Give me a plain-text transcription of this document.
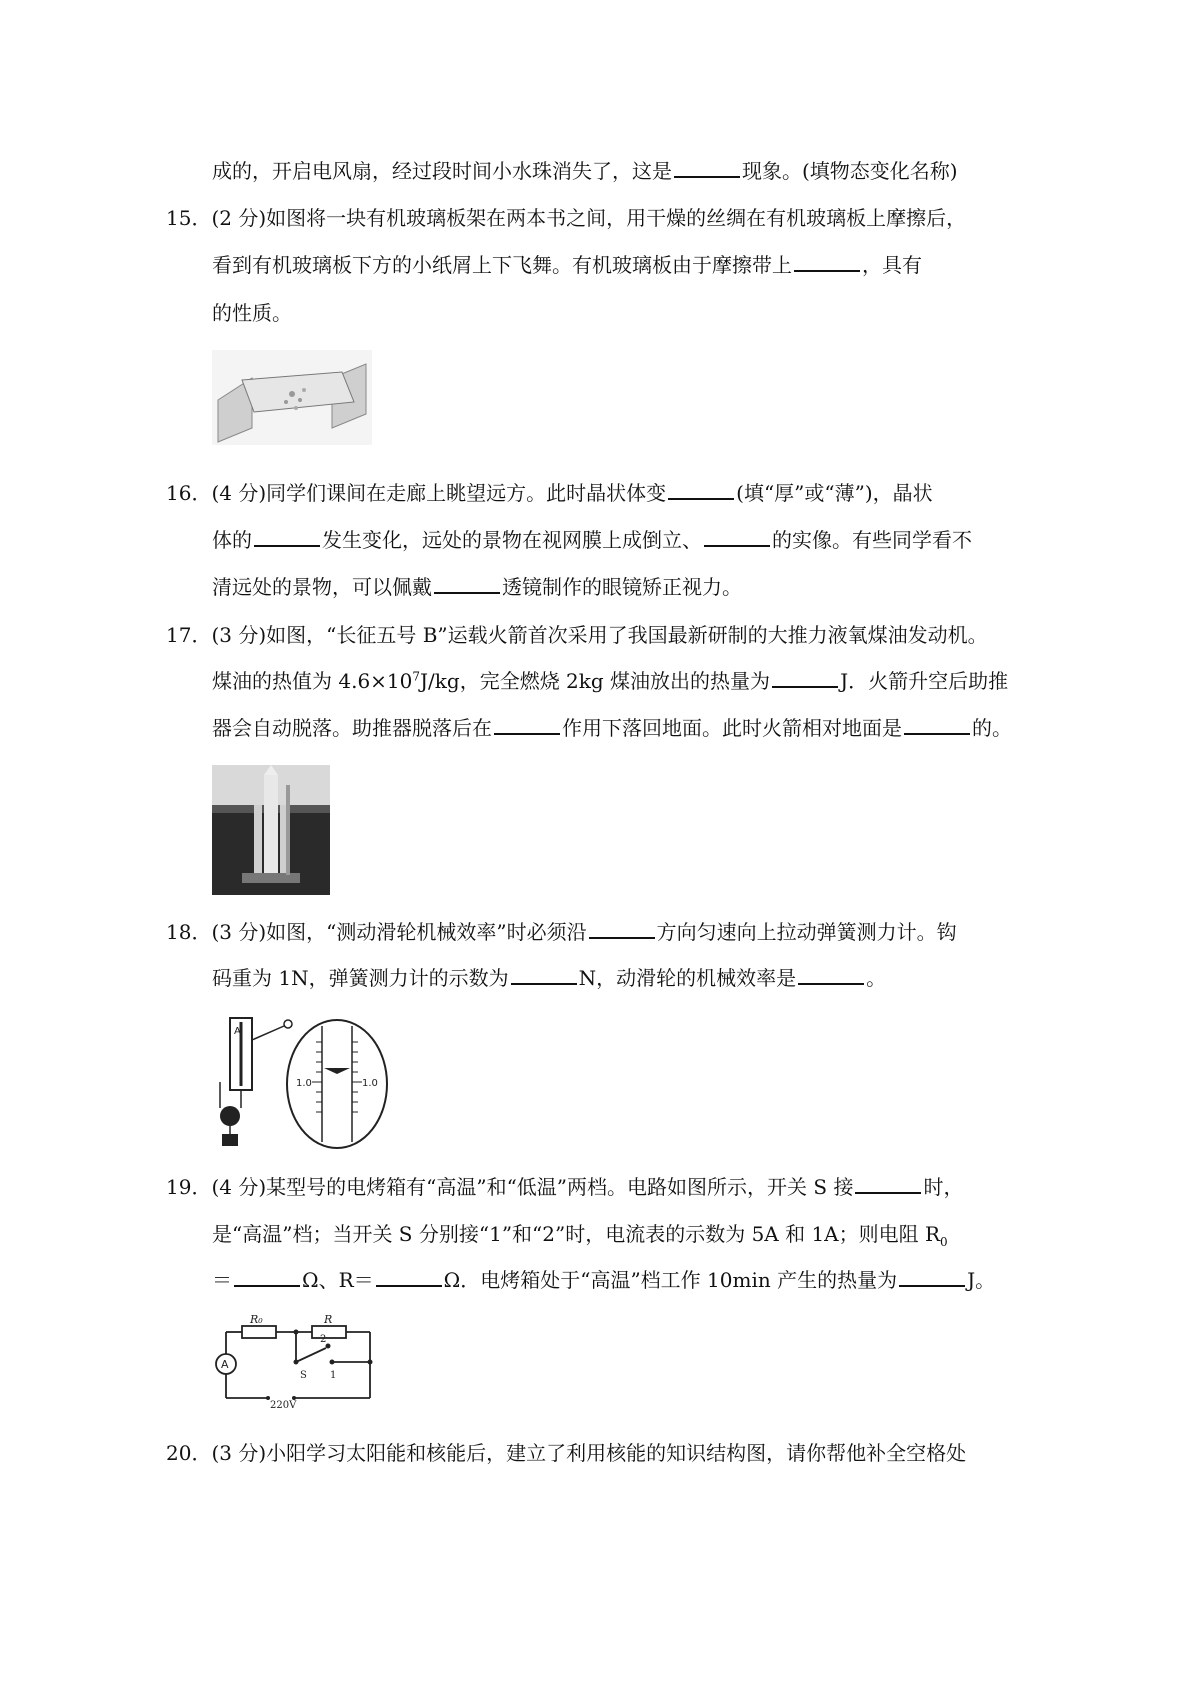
成的，开启电风扇，经过段时间小水珠消失了，这是	现象。(填物态变化名称)
15．(2 分)如图将一块有机玻璃板架在两本书之间，用干燥的丝绸在有机玻璃板上摩擦后，
看到有机玻璃板下方的小纸屑上下飞舞。有机玻璃板由于摩擦带上	，具有
的性质。
16．(4 分)同学们课间在走廊上眺望远方。此时晶状体变	(填“厚”或“薄”)，晶状
体的	发生变化，远处的景物在视网膜上成倒立、	的实像。有些同学看不
清远处的景物，可以佩戴	透镜制作的眼镜矫正视力。
17．(3 分)如图，“长征五号 B”运载火箭首次采用了我国最新研制的大推力液氧煤油发动机。
煤油的热值为 $4.6\times 10^7J/kg$，完全燃烧 2kg 煤油放出的热量为	J．火箭升空后助推
器会自动脱落。助推器脱落后在	作用下落回地面。此时火箭相对地面是	的。
18．(3 分)如图，“测动滑轮机械效率”时必须沿	方向匀速向上拉动弹簧测力计。钩
码重为 1N，弹簧测力计的示数为	N，动滑轮的机械效率是	。
A
1.0	1.0
19．(4 分)某型号的电烤箱有“高温”和“低温”两档。电路如图所示，开关 S 接	时，
是“高温”档；当开关 S 分别接“1”和“2”时，电流表的示数为 5A 和 1A；则电阻 $R_0$
＝	Ω、R＝	Ω．电烤箱处于“高温”档工作 10min 产生的热量为	J。
R₀	R
A
S 1
2
220V
20．(3 分)小阳学习太阳能和核能后，建立了利用核能的知识结构图，请你帮他补全空格处
